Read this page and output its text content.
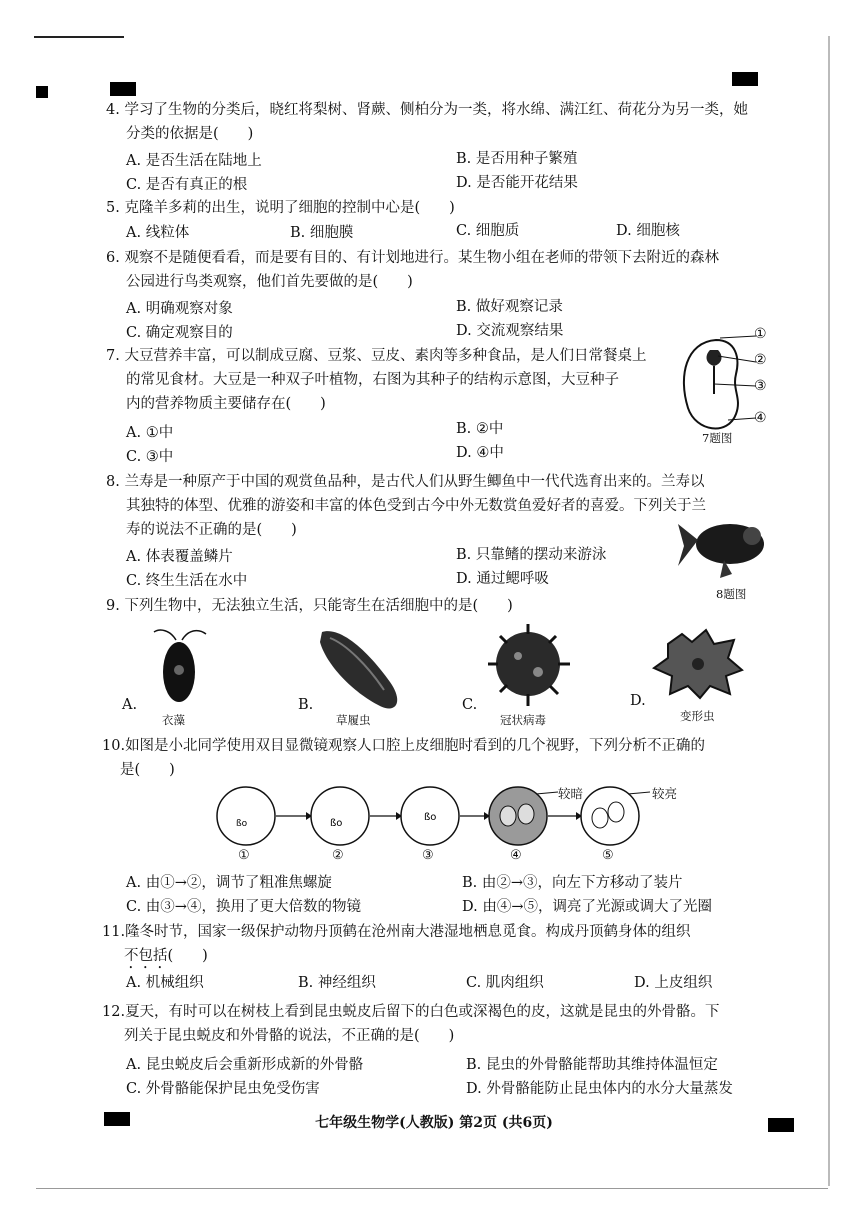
4. 学习了生物的分类后，晓红将梨树、肾蕨、侧柏分为一类，将水绵、满江红、荷花分为另一类，她
分类的依据是(　　)
A. 是否生活在陆地上	B. 是否用种子繁殖
C. 是否有真正的根	D. 是否能开花结果
5. 克隆羊多莉的出生，说明了细胞的控制中心是(　　)
A. 线粒体	B. 细胞膜	C. 细胞质	D. 细胞核
6. 观察不是随便看看，而是要有目的、有计划地进行。某生物小组在老师的带领下去附近的森林
公园进行鸟类观察，他们首先要做的是(　　)
A. 明确观察对象	B. 做好观察记录
C. 确定观察目的	D. 交流观察结果
7. 大豆营养丰富，可以制成豆腐、豆浆、豆皮、素肉等多种食品，是人们日常餐桌上
的常见食材。大豆是一种双子叶植物，右图为其种子的结构示意图，大豆种子
内的营养物质主要储存在(　　)
A. ①中	B. ②中
C. ③中	D. ④中
①
②
③
④
7题图
8. 兰寿是一种原产于中国的观赏鱼品种，是古代人们从野生鲫鱼中一代代选育出来的。兰寿以
其独特的体型、优雅的游姿和丰富的体色受到古今中外无数赏鱼爱好者的喜爱。下列关于兰
寿的说法不正确的是(　　)
A. 体表覆盖鳞片	B. 只靠鳍的摆动来游泳
C. 终生生活在水中	D. 通过鳃呼吸
8题图
9. 下列生物中，无法独立生活，只能寄生在活细胞中的是(　　)
A.
衣藻
B.
草履虫
C.
冠状病毒
D.
变形虫
10.如图是小北同学使用双目显微镜观察人口腔上皮细胞时看到的几个视野，下列分析不正确的
是(　　)
ßo	ßo
ßo
较暗	较亮
①	②	③	④	⑤
A. 由①→②，调节了粗准焦螺旋	B. 由②→③，向左下方移动了装片
C. 由③→④，换用了更大倍数的物镜	D. 由④→⑤，调亮了光源或调大了光圈
11.隆冬时节，国家一级保护动物丹顶鹤在沧州南大港湿地栖息觅食。构成丹顶鹤身体的组织
不包括(　　)
A. 机械组织	B. 神经组织	C. 肌肉组织	D. 上皮组织
12.夏天，有时可以在树枝上看到昆虫蜕皮后留下的白色或深褐色的皮，这就是昆虫的外骨骼。下
列关于昆虫蜕皮和外骨骼的说法，不正确的是(　　)
A. 昆虫蜕皮后会重新形成新的外骨骼	B. 昆虫的外骨骼能帮助其维持体温恒定
C. 外骨骼能保护昆虫免受伤害	D. 外骨骼能防止昆虫体内的水分大量蒸发
七年级生物学(人教版) 第2页 (共6页)
